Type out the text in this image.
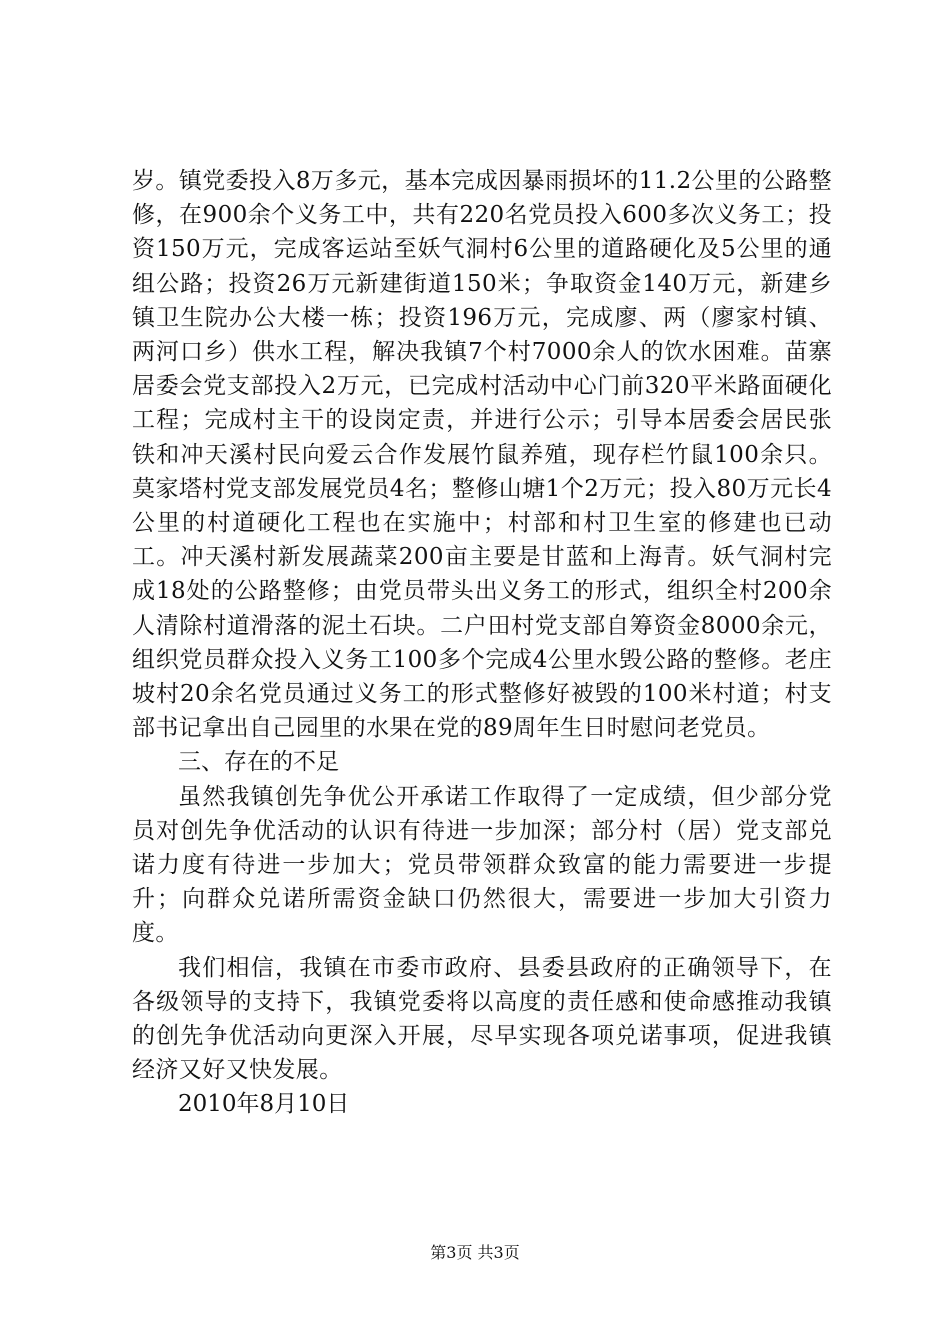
岁。镇党委投入8万多元，基本完成因暴雨损坏的11.2公里的公路整修，在900余个义务工中，共有220名党员投入600多次义务工；投资150万元，完成客运站至妖气洞村6公里的道路硬化及5公里的通组公路；投资26万元新建街道150米；争取资金140万元，新建乡镇卫生院办公大楼一栋；投资196万元，完成廖、两（廖家村镇、两河口乡）供水工程，解决我镇7个村7000余人的饮水困难。苗寨居委会党支部投入2万元，已完成村活动中心门前320平米路面硬化工程；完成村主干的设岗定责，并进行公示；引导本居委会居民张铁和冲天溪村民向爱云合作发展竹鼠养殖，现存栏竹鼠100余只。莫家塔村党支部发展党员4名；整修山塘1个2万元；投入80万元长4公里的村道硬化工程也在实施中；村部和村卫生室的修建也已动工。冲天溪村新发展蔬菜200亩主要是甘蓝和上海青。妖气洞村完成18处的公路整修；由党员带头出义务工的形式，组织全村200余人清除村道滑落的泥土石块。二户田村党支部自筹资金8000余元，组织党员群众投入义务工100多个完成4公里水毁公路的整修。老庄坡村20余名党员通过义务工的形式整修好被毁的100米村道；村支部书记拿出自己园里的水果在党的89周年生日时慰问老党员。

三、存在的不足

虽然我镇创先争优公开承诺工作取得了一定成绩，但少部分党员对创先争优活动的认识有待进一步加深；部分村（居）党支部兑诺力度有待进一步加大；党员带领群众致富的能力需要进一步提升；向群众兑诺所需资金缺口仍然很大，需要进一步加大引资力度。

我们相信，我镇在市委市政府、县委县政府的正确领导下，在各级领导的支持下，我镇党委将以高度的责任感和使命感推动我镇的创先争优活动向更深入开展，尽早实现各项兑诺事项，促进我镇经济又好又快发展。

2010年8月10日

第3页 共3页
